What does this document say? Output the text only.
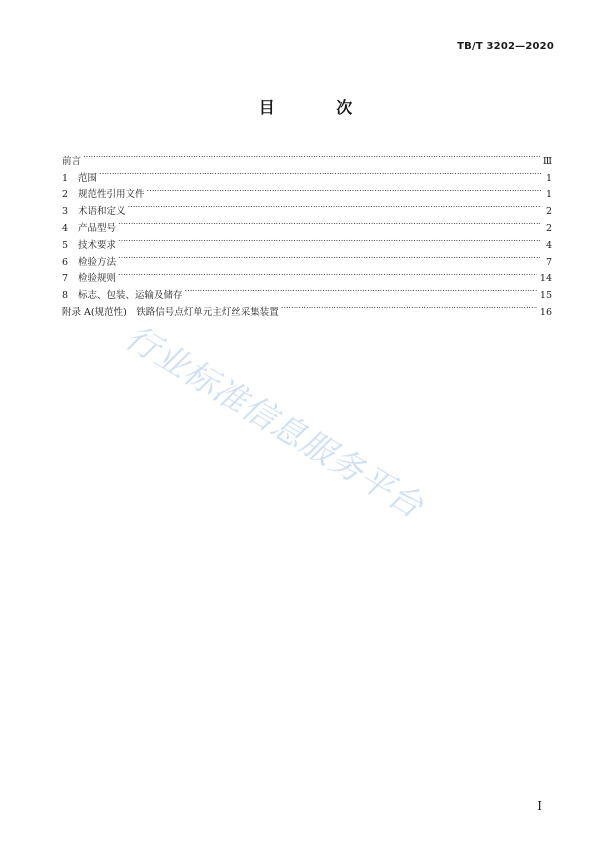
TB/T 3202—2020
目 次
前言 …………………………………………………………………………………………………………………………………………………………………………………………………………	Ⅲ
1	范围 …………………………………………………………………………………………………………………………………………………………………………………………………………	1
2	规范性引用文件 …………………………………………………………………………………………………………………………………………………………………………………………………………	1
3	术语和定义 …………………………………………………………………………………………………………………………………………………………………………………………………………	2
4	产品型号 …………………………………………………………………………………………………………………………………………………………………………………………………………	2
5	技术要求 …………………………………………………………………………………………………………………………………………………………………………………………………………	4
6	检验方法 …………………………………………………………………………………………………………………………………………………………………………………………………………	7
7	检验规则 …………………………………………………………………………………………………………………………………………………………………………………………………………	14
8	标志、包装、运输及储存 …………………………………………………………………………………………………………………………………………………………………………………………………………	15
附录 A(规范性)　铁路信号点灯单元主灯丝采集装置 …………………………………………………………………………………………………………………………………………………………………………………………………………	16
行业标准信息服务平台
Ⅰ
